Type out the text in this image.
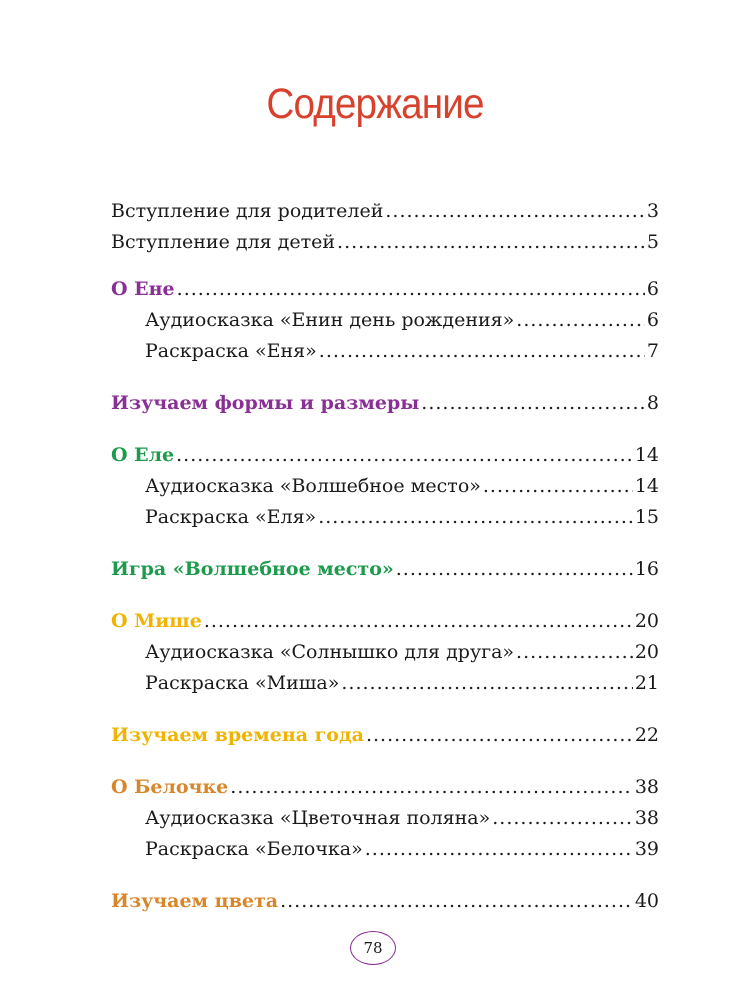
Содержание
Вступление для родителей .....	3
Вступление для детей .....	5
О Ене .....	6
Аудиосказка «Енин день рождения» .....	6
Раскраска «Еня» .....	7
Изучаем формы и размеры .....	8
О Еле .....	14
Аудиосказка «Волшебное место» .....	14
Раскраска «Еля» .....	15
Игра «Волшебное место» .....	16
О Мише .....	20
Аудиосказка «Солнышко для друга» .....	20
Раскраска «Миша» .....	21
Изучаем времена года .....	22
О Белочке .....	38
Аудиосказка «Цветочная поляна» .....	38
Раскраска «Белочка» .....	39
Изучаем цвета .....	40
78
